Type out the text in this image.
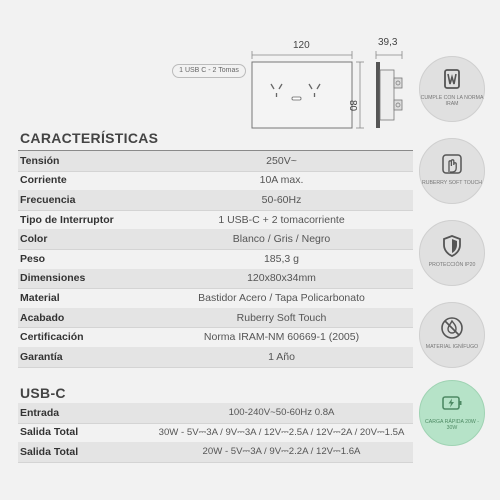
1 USB C - 2 Tomas
120
80
39,3
CARACTERÍSTICAS
Tensión	250V~
Corriente	10A max.
Frecuencia	50-60Hz
Tipo de Interruptor	1 USB-C + 2 tomacorriente
Color	Blanco / Gris / Negro
Peso	185,3 g
Dimensiones	120x80x34mm
Material	Bastidor Acero / Tapa Policarbonato
Acabado	Ruberry Soft Touch
Certificación	Norma IRAM-NM 60669-1 (2005)
Garantía	1 Año
USB-C
Entrada	100-240V~50-60Hz 0.8A
Salida Total	30W - 5V⎓3A / 9V⎓3A / 12V⎓2.5A / 12V⎓2A / 20V⎓1.5A
Salida Total	20W - 5V⎓3A / 9V⎓2.2A / 12V⎓1.6A
CUMPLE CON LA NORMA IRAM
RUBERRY SOFT TOUCH
PROTECCIÓN IP20
MATERIAL IGNÍFUGO
CARGA RÁPIDA 20W - 30W
